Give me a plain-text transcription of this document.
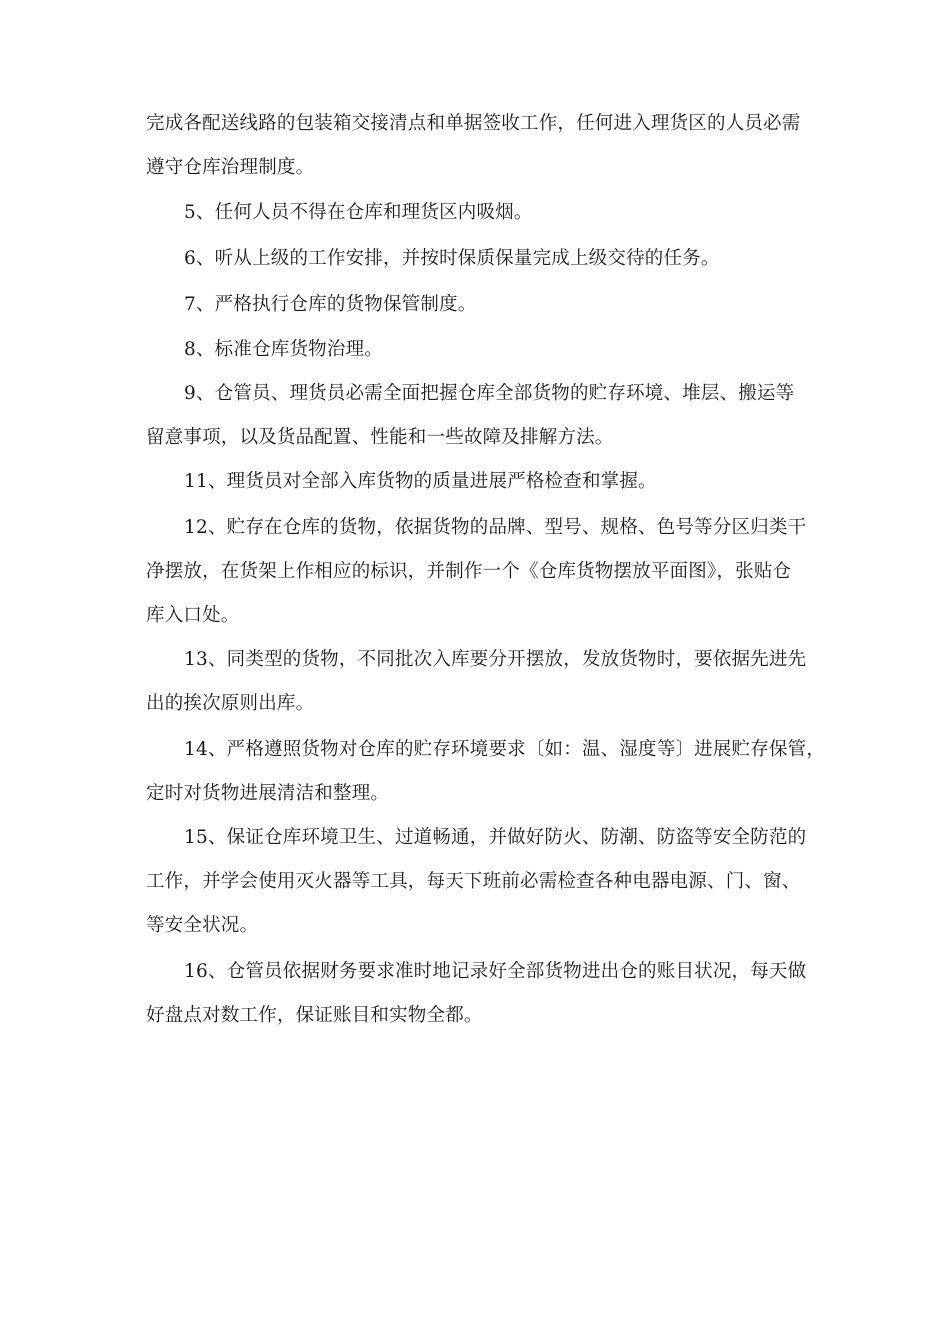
完成各配送线路的包装箱交接清点和单据签收工作，任何进入理货区的人员必需
遵守仓库治理制度。
5、任何人员不得在仓库和理货区内吸烟。
6、听从上级的工作安排，并按时保质保量完成上级交待的任务。
7、严格执行仓库的货物保管制度。
8、标准仓库货物治理。
9、仓管员、理货员必需全面把握仓库全部货物的贮存环境、堆层、搬运等
留意事项，以及货品配置、性能和一些故障及排解方法。
11、理货员对全部入库货物的质量进展严格检查和掌握。
12、贮存在仓库的货物，依据货物的品牌、型号、规格、色号等分区归类干
净摆放，在货架上作相应的标识，并制作一个《仓库货物摆放平面图》，张贴仓
库入口处。
13、同类型的货物，不同批次入库要分开摆放，发放货物时，要依据先进先
出的挨次原则出库。
14、严格遵照货物对仓库的贮存环境要求〔如：温、湿度等〕进展贮存保管，
定时对货物进展清洁和整理。
15、保证仓库环境卫生、过道畅通，并做好防火、防潮、防盗等安全防范的
工作，并学会使用灭火器等工具，每天下班前必需检查各种电器电源、门、窗、
等安全状况。
16、仓管员依据财务要求准时地记录好全部货物进出仓的账目状况，每天做
好盘点对数工作，保证账目和实物全都。
